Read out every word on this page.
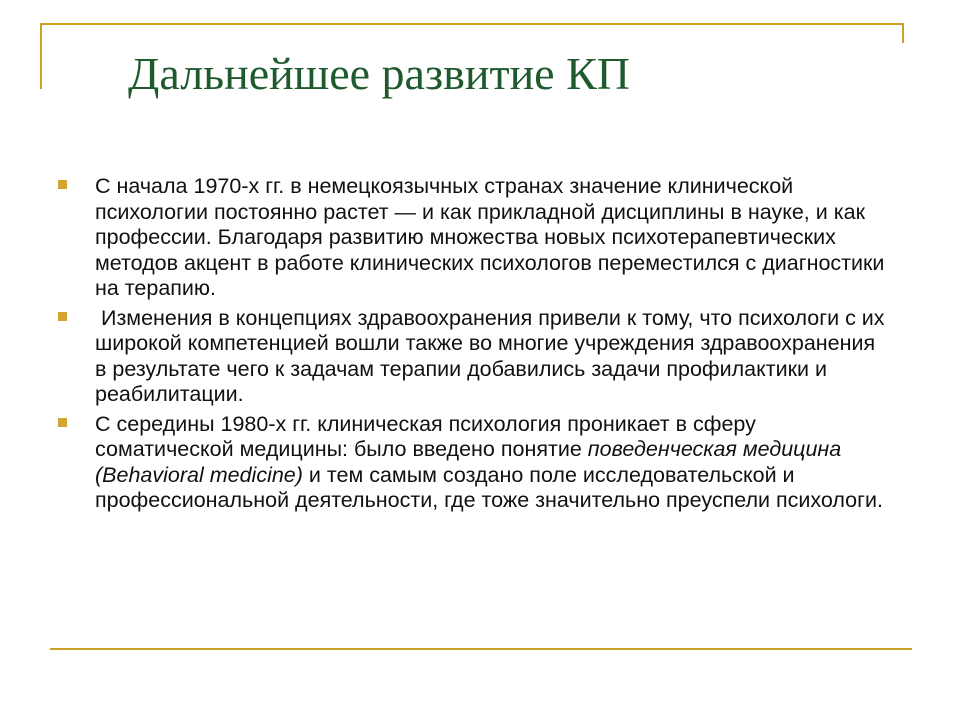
Дальнейшее развитие КП
С начала 1970-х гг. в немецкоязычных странах значение клинической психологии постоянно растет — и как прикладной дисциплины в науке, и как профессии. Благодаря развитию множества новых психотерапевтических методов акцент в работе клинических психологов переместился с диагностики на терапию.
Изменения в концепциях здравоохранения привели к тому, что психологи с их широкой компетенцией вошли также во многие учреждения здравоохранения  в результате чего к задачам терапии добавились задачи профилактики и реабилитации.
С середины 1980-х гг. клиническая психология проникает в сферу соматической медицины: было введено понятие поведенческая медицина (Behavioral medicine) и тем самым создано поле исследовательской и профессиональной деятельности, где тоже значительно преуспели психологи.
